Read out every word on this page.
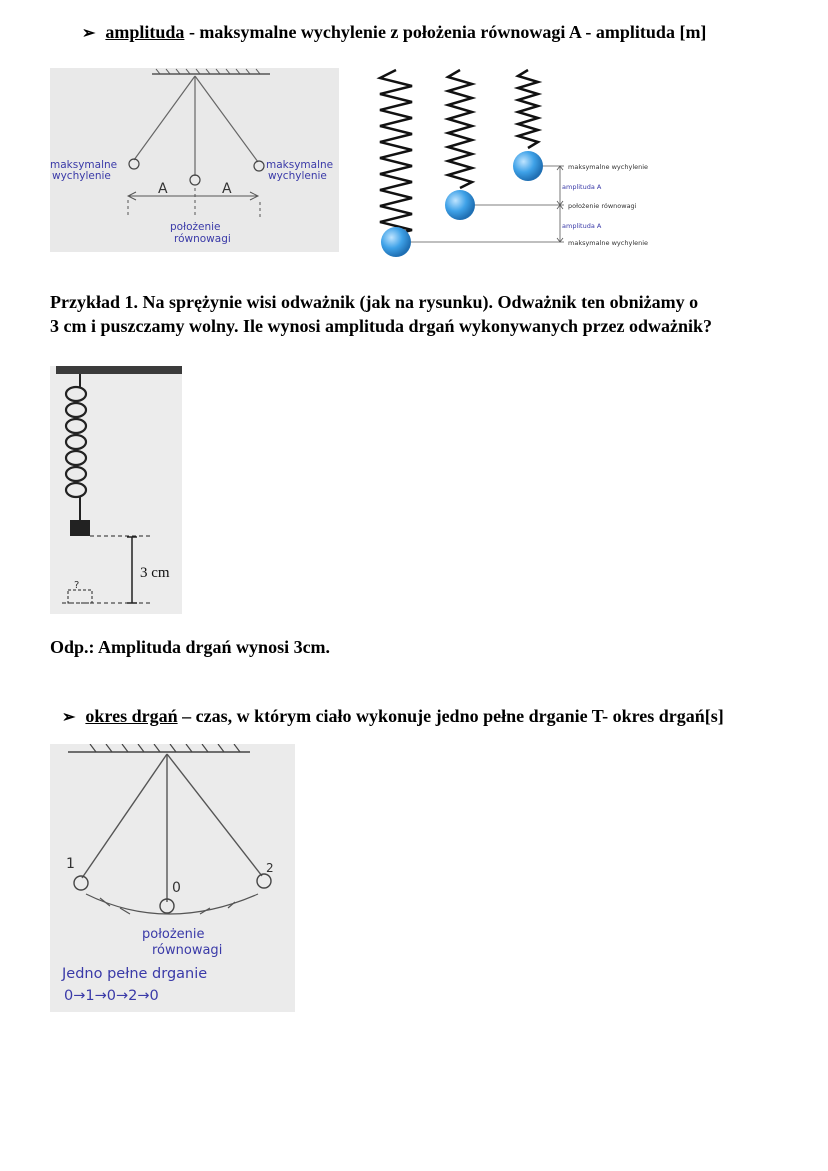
➢ amplituda - maksymalne wychylenie z położenia równowagi A - amplituda [m]
maksymalne
wychylenie
maksymalne
wychylenie
A	A
położenie
równowagi
maksymalne wychylenie
amplituda A
położenie równowagi
amplituda A
maksymalne wychylenie
Przykład 1. Na sprężynie wisi odważnik (jak na rysunku). Odważnik ten obniżamy o
3 cm i puszczamy wolny. Ile wynosi amplituda drgań wykonywanych przez odważnik?
?
3 cm
Odp.: Amplituda drgań wynosi 3cm.
➢ okres drgań – czas, w którym ciało wykonuje jedno pełne drganie T- okres drgań[s]
1
0
2
położenie
równowagi
Jedno pełne drganie
0→1→0→2→0
